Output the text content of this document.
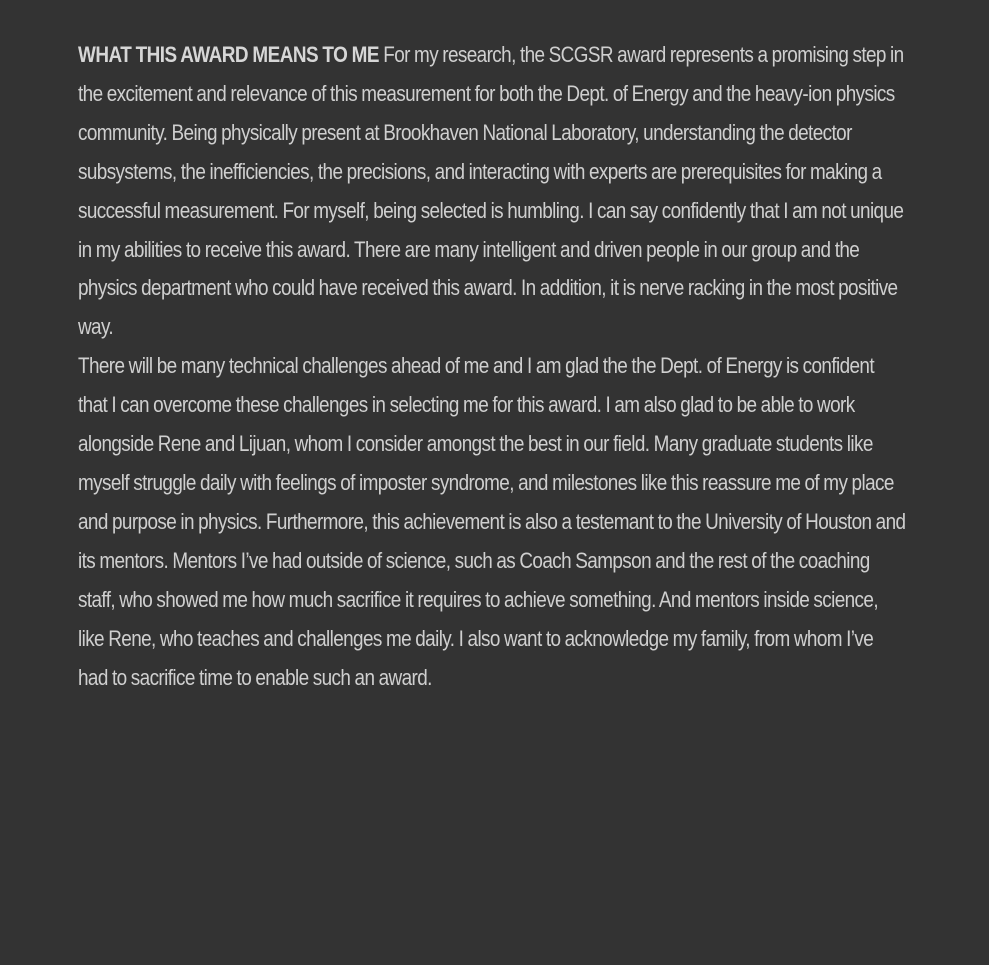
WHAT THIS AWARD MEANS TO ME For my research, the SCGSR award represents a promising step in the excitement and relevance of this measurement for both the Dept. of Energy and the heavy-ion physics community. Being physically present at Brookhaven National Laboratory, understanding the detector subsystems, the inefficiencies, the precisions, and interacting with experts are prerequisites for making a successful measurement. For myself, being selected is humbling. I can say confidently that I am not unique in my abilities to receive this award. There are many intelligent and driven people in our group and the physics department who could have received this award. In addition, it is nerve racking in the most positive way.

There will be many technical challenges ahead of me and I am glad the the Dept. of Energy is confident that I can overcome these challenges in selecting me for this award. I am also glad to be able to work alongside Rene and Lijuan, whom I consider amongst the best in our field. Many graduate students like myself struggle daily with feelings of imposter syndrome, and milestones like this reassure me of my place and purpose in physics. Furthermore, this achievement is also a testemant to the University of Houston and its mentors. Mentors I’ve had outside of science, such as Coach Sampson and the rest of the coaching staff, who showed me how much sacrifice it requires to achieve something. And mentors inside science, like Rene, who teaches and challenges me daily. I also want to acknowledge my family, from whom I’ve had to sacrifice time to enable such an award.
